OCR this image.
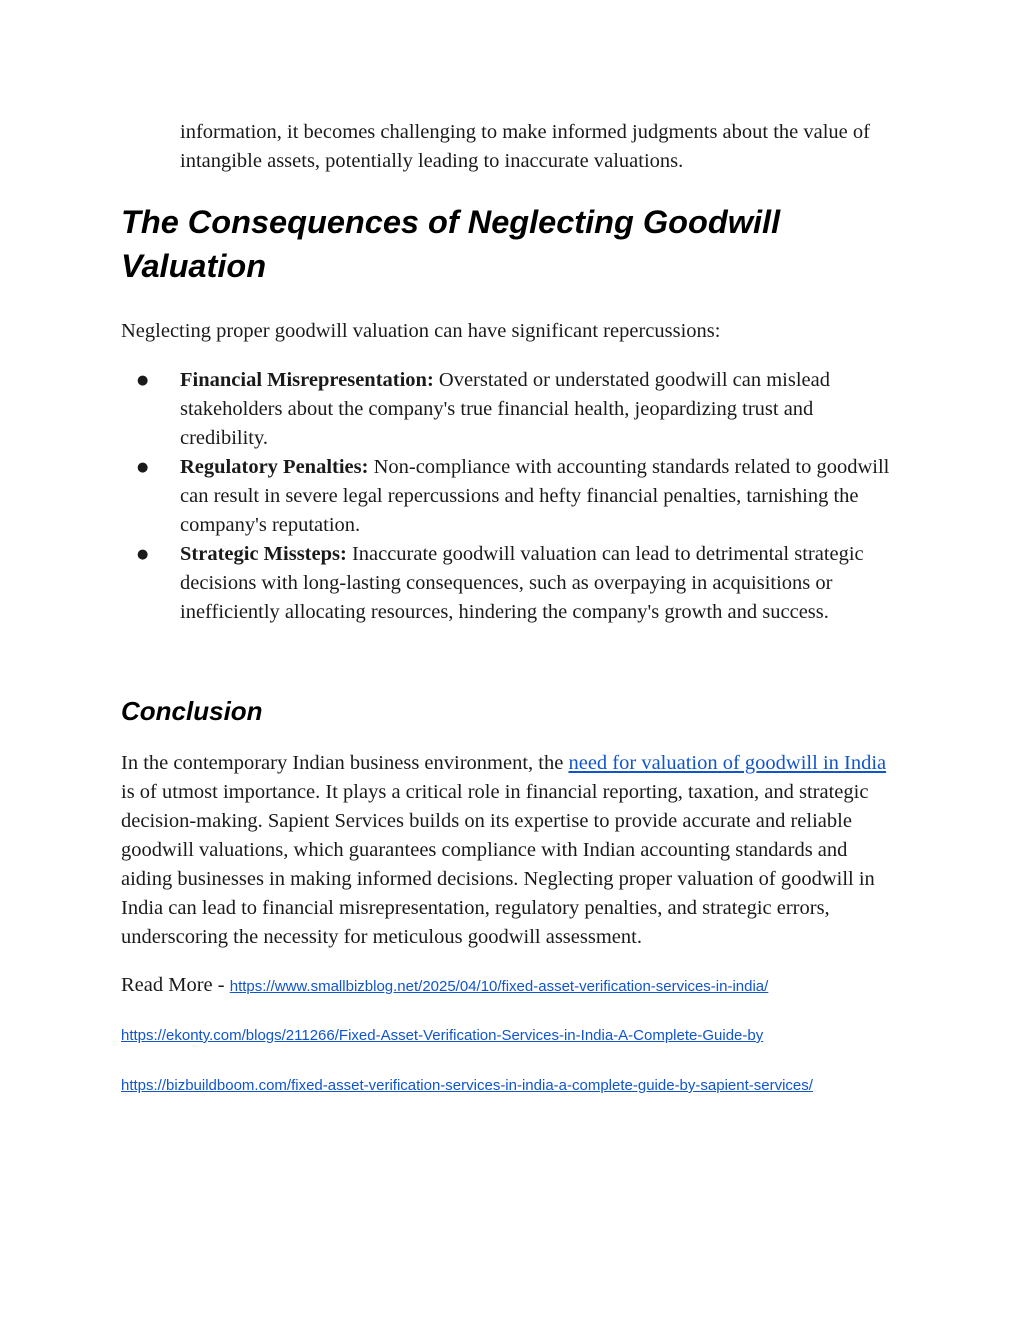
information, it becomes challenging to make informed judgments about the value of intangible assets, potentially leading to inaccurate valuations.

The Consequences of Neglecting Goodwill Valuation

Neglecting proper goodwill valuation can have significant repercussions:

● Financial Misrepresentation: Overstated or understated goodwill can mislead stakeholders about the company's true financial health, jeopardizing trust and credibility.
● Regulatory Penalties: Non-compliance with accounting standards related to goodwill can result in severe legal repercussions and hefty financial penalties, tarnishing the company's reputation.
● Strategic Missteps: Inaccurate goodwill valuation can lead to detrimental strategic decisions with long-lasting consequences, such as overpaying in acquisitions or inefficiently allocating resources, hindering the company's growth and success.
Conclusion

In the contemporary Indian business environment, the need for valuation of goodwill in India is of utmost importance. It plays a critical role in financial reporting, taxation, and strategic decision-making. Sapient Services builds on its expertise to provide accurate and reliable goodwill valuations, which guarantees compliance with Indian accounting standards and aiding businesses in making informed decisions. Neglecting proper valuation of goodwill in India can lead to financial misrepresentation, regulatory penalties, and strategic errors, underscoring the necessity for meticulous goodwill assessment.

Read More - https://www.smallbizblog.net/2025/04/10/fixed-asset-verification-services-in-india/
https://ekonty.com/blogs/211266/Fixed-Asset-Verification-Services-in-India-A-Complete-Guide-by
https://bizbuildboom.com/fixed-asset-verification-services-in-india-a-complete-guide-by-sapient-services/
